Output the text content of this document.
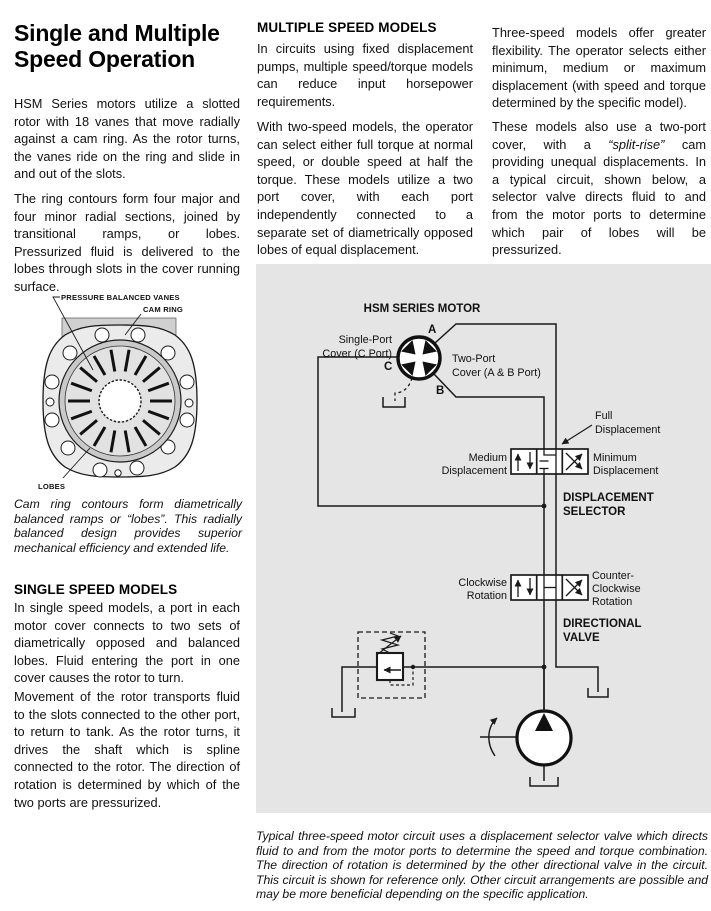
Single and Multiple Speed Operation
HSM Series motors utilize a slotted rotor with 18 vanes that move radially against a cam ring. As the rotor turns, the vanes ride on the ring and slide in and out of the slots.
The ring contours form four major and four minor radial sections, joined by transitional ramps, or lobes. Pressurized fluid is delivered to the lobes through slots in the cover running surface.
PRESSURE BALANCED VANES
CAM RING
LOBES
Cam ring contours form diametrically balanced ramps or “lobes”. This radially balanced design provides superior mechanical efficiency and extended life.
SINGLE SPEED MODELS
In single speed models, a port in each motor cover connects to two sets of diametrically opposed and balanced lobes. Fluid entering the port in one cover causes the rotor to turn.
Movement of the rotor transports fluid to the slots connected to the other port, to return to tank. As the rotor turns, it drives the shaft which is spline connected to the rotor. The direction of rotation is determined by which of the two ports are pressurized.
MULTIPLE SPEED MODELS
In circuits using fixed displacement pumps, multiple speed/torque models can reduce input horsepower requirements.
With two-speed models, the operator can select either full torque at normal speed, or double speed at half the torque. These models utilize a two port cover, with each port independently connected to a separate set of diametrically opposed lobes of equal displacement.
Three-speed models offer greater flexibility. The operator selects either minimum, medium or maximum displacement (with speed and torque determined by the specific model).
These models also use a two-port cover, with a “split-rise” cam providing unequal displacements. In a typical circuit, shown below, a selector valve directs fluid to and from the motor ports to determine which pair of lobes will be pressurized.
HSM SERIES MOTOR
A
B
C
Single-Port
Cover (C Port)	Two-Port
Cover (A & B Port)
Full
Displacement
Medium
Displacement
Minimum
Displacement
DISPLACEMENT
SELECTOR
Clockwise
Rotation
Counter-
Clockwise
Rotation
DIRECTIONAL
VALVE
Typical three-speed motor circuit uses a displacement selector valve which directs fluid to and from the motor ports to determine the speed and torque combination. The direction of rotation is determined by the other directional valve in the circuit. This circuit is shown for reference only. Other circuit arrangements are possible and may be more beneficial depending on the specific application.
